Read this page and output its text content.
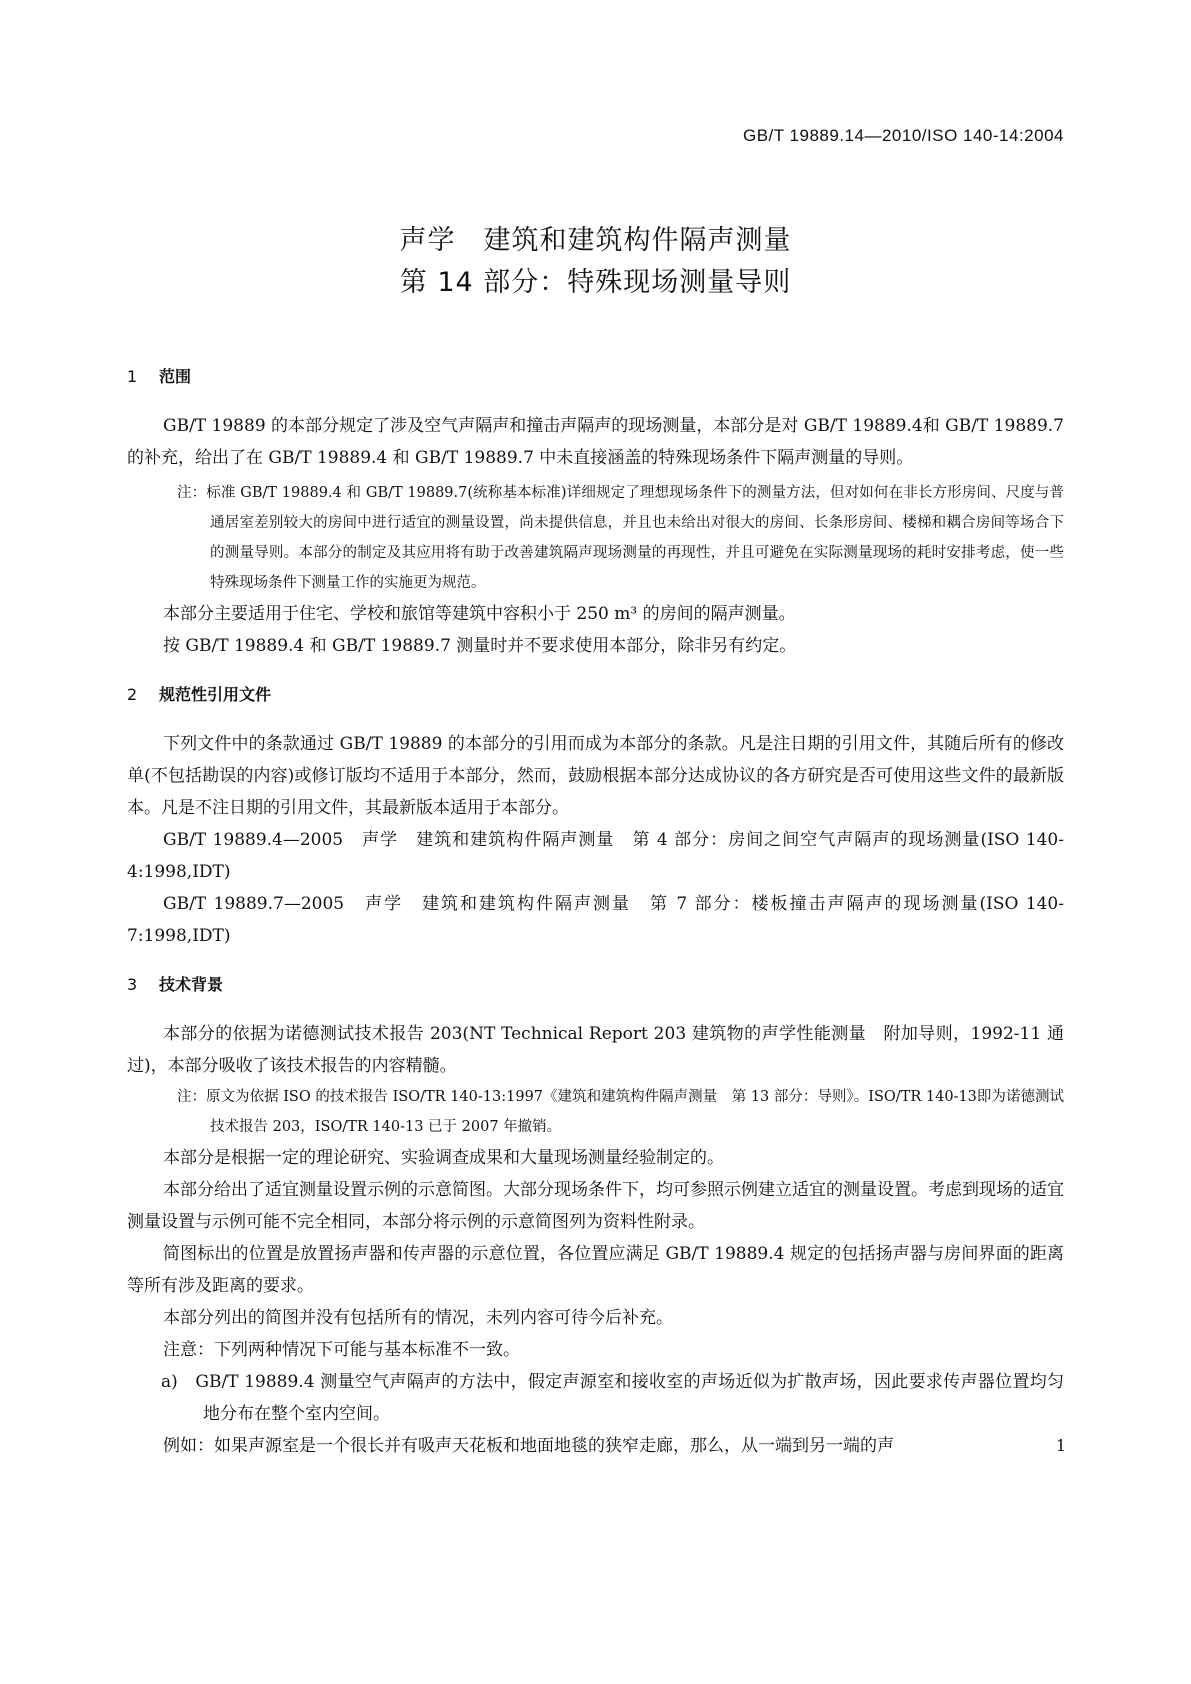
GB/T 19889.14—2010/ISO 140-14:2004
声学　建筑和建筑构件隔声测量
第 14 部分：特殊现场测量导则
1 范围

GB/T 19889 的本部分规定了涉及空气声隔声和撞击声隔声的现场测量，本部分是对 GB/T 19889.4和 GB/T 19889.7 的补充，给出了在 GB/T 19889.4 和 GB/T 19889.7 中未直接涵盖的特殊现场条件下隔声测量的导则。

注：标准 GB/T 19889.4 和 GB/T 19889.7(统称基本标准)详细规定了理想现场条件下的测量方法，但对如何在非长方形房间、尺度与普通居室差别较大的房间中进行适宜的测量设置，尚未提供信息，并且也未给出对很大的房间、长条形房间、楼梯和耦合房间等场合下的测量导则。本部分的制定及其应用将有助于改善建筑隔声现场测量的再现性，并且可避免在实际测量现场的耗时安排考虑，使一些特殊现场条件下测量工作的实施更为规范。

本部分主要适用于住宅、学校和旅馆等建筑中容积小于 250 m³ 的房间的隔声测量。

按 GB/T 19889.4 和 GB/T 19889.7 测量时并不要求使用本部分，除非另有约定。

2 规范性引用文件

下列文件中的条款通过 GB/T 19889 的本部分的引用而成为本部分的条款。凡是注日期的引用文件，其随后所有的修改单(不包括勘误的内容)或修订版均不适用于本部分，然而，鼓励根据本部分达成协议的各方研究是否可使用这些文件的最新版本。凡是不注日期的引用文件，其最新版本适用于本部分。

GB/T 19889.4—2005　声学　建筑和建筑构件隔声测量　第 4 部分：房间之间空气声隔声的现场测量(ISO 140-4:1998,IDT)

GB/T 19889.7—2005　声学　建筑和建筑构件隔声测量　第 7 部分：楼板撞击声隔声的现场测量(ISO 140-7:1998,IDT)

3 技术背景

本部分的依据为诺德测试技术报告 203(NT Technical Report 203 建筑物的声学性能测量　附加导则，1992-11 通过)，本部分吸收了该技术报告的内容精髓。

注：原文为依据 ISO 的技术报告 ISO/TR 140-13:1997《建筑和建筑构件隔声测量　第 13 部分：导则》。ISO/TR 140-13即为诺德测试技术报告 203，ISO/TR 140-13 已于 2007 年撤销。

本部分是根据一定的理论研究、实验调查成果和大量现场测量经验制定的。

本部分给出了适宜测量设置示例的示意简图。大部分现场条件下，均可参照示例建立适宜的测量设置。考虑到现场的适宜测量设置与示例可能不完全相同，本部分将示例的示意简图列为资料性附录。

简图标出的位置是放置扬声器和传声器的示意位置，各位置应满足 GB/T 19889.4 规定的包括扬声器与房间界面的距离等所有涉及距离的要求。

本部分列出的简图并没有包括所有的情况，未列内容可待今后补充。

注意：下列两种情况下可能与基本标准不一致。

a)　GB/T 19889.4 测量空气声隔声的方法中，假定声源室和接收室的声场近似为扩散声场，因此要求传声器位置均匀地分布在整个室内空间。

例如：如果声源室是一个很长并有吸声天花板和地面地毯的狭窄走廊，那么，从一端到另一端的声	1
